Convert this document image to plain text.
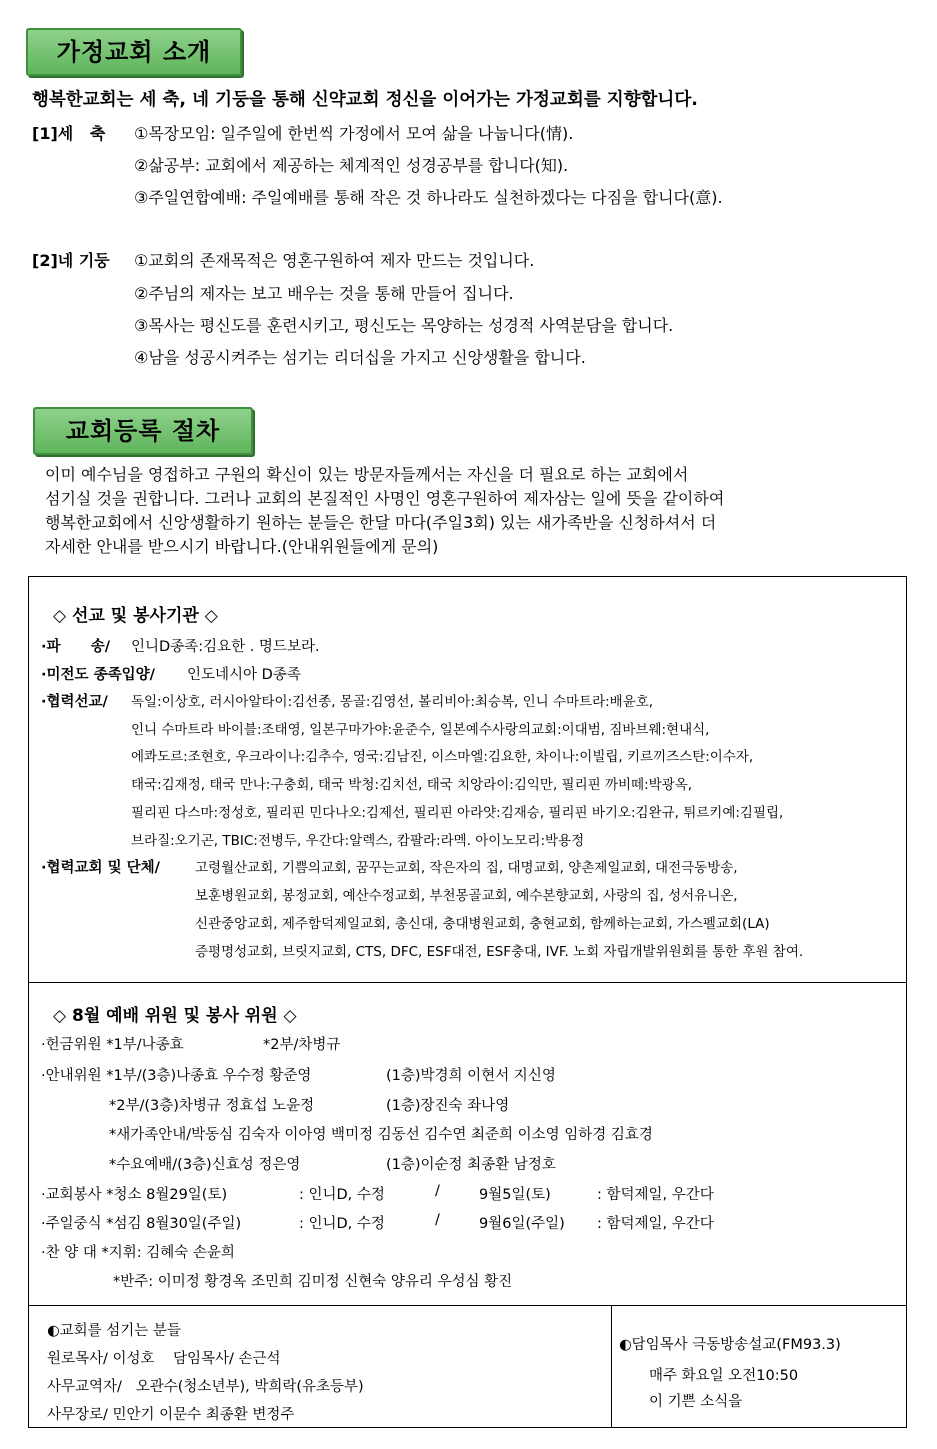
가정교회 소개
행복한교회는 세 축, 네 기둥을 통해 신약교회 정신을 이어가는 가정교회를 지향합니다.
[1]세   축 ①목장모임: 일주일에 한번씩 가정에서 모여 삶을 나눕니다(情).
②삶공부: 교회에서 제공하는 체계적인 성경공부를 합니다(知).
③주일연합예배: 주일예배를 통해 작은 것 하나라도 실천하겠다는 다짐을 합니다(意).
[2]네 기둥 ①교회의 존재목적은 영혼구원하여 제자 만드는 것입니다.
②주님의 제자는 보고 배우는 것을 통해 만들어 집니다.
③목사는 평신도를 훈련시키고, 평신도는 목양하는 성경적 사역분담을 합니다.
④남을 성공시켜주는 섬기는 리더십을 가지고 신앙생활을 합니다.
교회등록 절차
이미 예수님을 영접하고 구원의 확신이 있는 방문자들께서는 자신을 더 필요로 하는 교회에서
섬기실 것을 권합니다. 그러나 교회의 본질적인 사명인 영혼구원하여 제자삼는 일에 뜻을 같이하여
행복한교회에서 신앙생활하기 원하는 분들은 한달 마다(주일3회) 있는 새가족반을 신청하셔서 더
자세한 안내를 받으시기 바랍니다.(안내위원들에게 문의)
◇ 선교 및 봉사기관 ◇
·파      송/ 인니D종족:김요한 . 명드보라.
·미전도 종족입양/ 인도네시아 D종족
·협력선교/ 독일:이상호, 러시아알타이:김선종, 몽골:김영선, 볼리비아:최승복, 인니 수마트라:배윤호,
인니 수마트라 바이블:조태영, 일본구마가야:윤준수, 일본예수사랑의교회:이대범, 짐바브웨:현내식,
에콰도르:조현호, 우크라이나:김추수, 영국:김남진, 이스마엘:김요한, 차이나:이빌립, 키르끼즈스탄:이수자,
태국:김재정, 태국 만나:구충회, 태국 박청:김치선, 태국 치앙라이:김익만, 필리핀 까비떼:박광옥,
필리핀 다스마:정성호, 필리핀 민다나오:김제선, 필리핀 아라얏:김재승, 필리핀 바기오:김완규, 튀르키예:김필립,
브라질:오기곤, TBIC:전병두, 우간다:알렉스, 캄팔라:라멕. 아이노모리:박용정
·협력교회 및 단체/	고령월산교회, 기쁨의교회, 꿈꾸는교회, 작은자의 집, 대명교회, 양촌제일교회, 대전극동방송,
보훈병원교회, 봉정교회, 예산수정교회, 부천몽골교회, 예수본향교회, 사랑의 집, 성서유니온,
신관중앙교회, 제주함덕제일교회, 총신대, 충대병원교회, 충현교회, 함께하는교회, 가스펠교회(LA)
증평명성교회, 브릿지교회, CTS, DFC, ESF대전, ESF충대, IVF. 노회 자립개발위원회를 통한 후원 참여.
◇ 8월 예배 위원 및 봉사 위원 ◇
·헌금위원 *1부/나종효	*2부/차병규
·안내위원 *1부/(3층)나종효 우수정 황준영	(1층)박경희 이현서 지신영
*2부/(3층)차병규 정효섭 노윤정	(1층)장진숙 좌나영
*새가족안내/박동심 김숙자 이아영 백미정 김동선 김수연 최준희 이소영 임하경 김효경
*수요예배/(3층)신효성 정은영	(1층)이순정 최종환 남정호
·교회봉사 *청소 8월29일(토)	: 인니D, 수정	/	9월5일(토)	: 함덕제일, 우간다
·주일중식 *섬김 8월30일(주일)	: 인니D, 수정	/	9월6일(주일) : 함덕제일, 우간다
·찬 양 대 *지휘: 김혜숙 손윤희
*반주: 이미정 황경옥 조민희 김미정 신현숙 양유리 우성심 황진
◐교회를 섬기는 분들
원로목사/ 이성호    담임목사/ 손근석
사무교역자/   오관수(청소년부), 박희락(유초등부)
사무장로/ 민안기 이문수 최종환 변정주
◐담임목사 극동방송설교(FM93.3)
매주 화요일 오전10:50
이 기쁜 소식을
